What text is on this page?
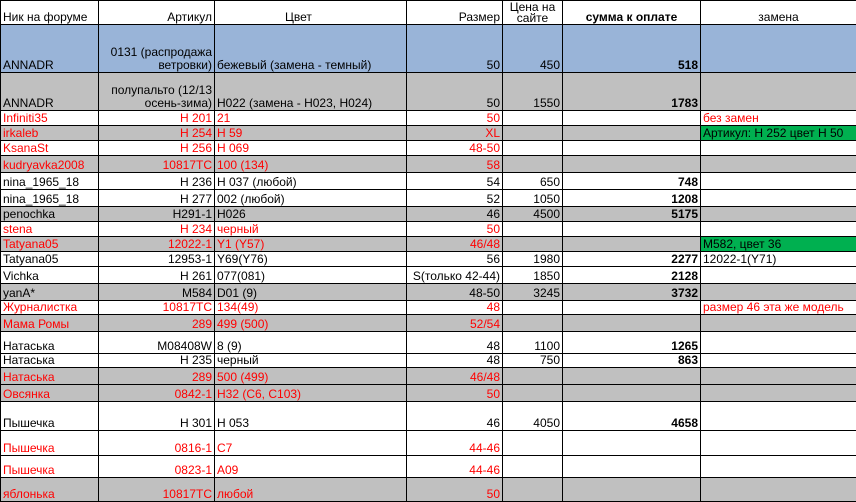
Ник на форуме	Артикул	Цвет	Размер	Цена на сайте	сумма к оплате	замена
ANNADR	0131 (распродажа ветровки)	бежевый (замена - темный)	50	450	518	
ANNADR	полупальто (12/13 осень-зима)	H022 (замена - H023, H024)	50	1550	1783	
Infiniti35	H 201	21	50			без замен
irkaleb	H 254	H 59	XL			Артикул: Н 252 цвет Н 50
KsanaSt	H 256	H 069	48-50			
kudryavka2008	10817TC	100 (134)	58			
nina_1965_18	H 236	H 037 (любой)	54	650	748	
nina_1965_18	H 277	002 (любой)	52	1050	1208	
penochka	H291-1	H026	46	4500	5175	
stena	H 234	черный	50			
Tatyana05	12022-1	Y1 (Y57)	46/48			M582, цвет 36
Tatyana05	12953-1	Y69(Y76)	56	1980	2277	12022-1(Y71)
Vichka	H 261	077(081)	S(только 42-44)	1850	2128	
yanA*	M584	D01 (9)	48-50	3245	3732	
Журналистка	10817TC	134(49)	48			размер 46 эта же модель
Мама Ромы	289	499 (500)	52/54			
Натаська	M08408W	8 (9)	48	1100	1265	
Натаська	H 235	черный	48	750	863	
Натаська	289	500 (499)	46/48			
Овсянка	0842-1	H32 (C6, C103)	50			
Пышечка	H 301	H 053	46	4050	4658	
Пышечка	0816-1	C7	44-46			
Пышечка	0823-1	A09	44-46			
яблонька	10817TC	любой	50			
